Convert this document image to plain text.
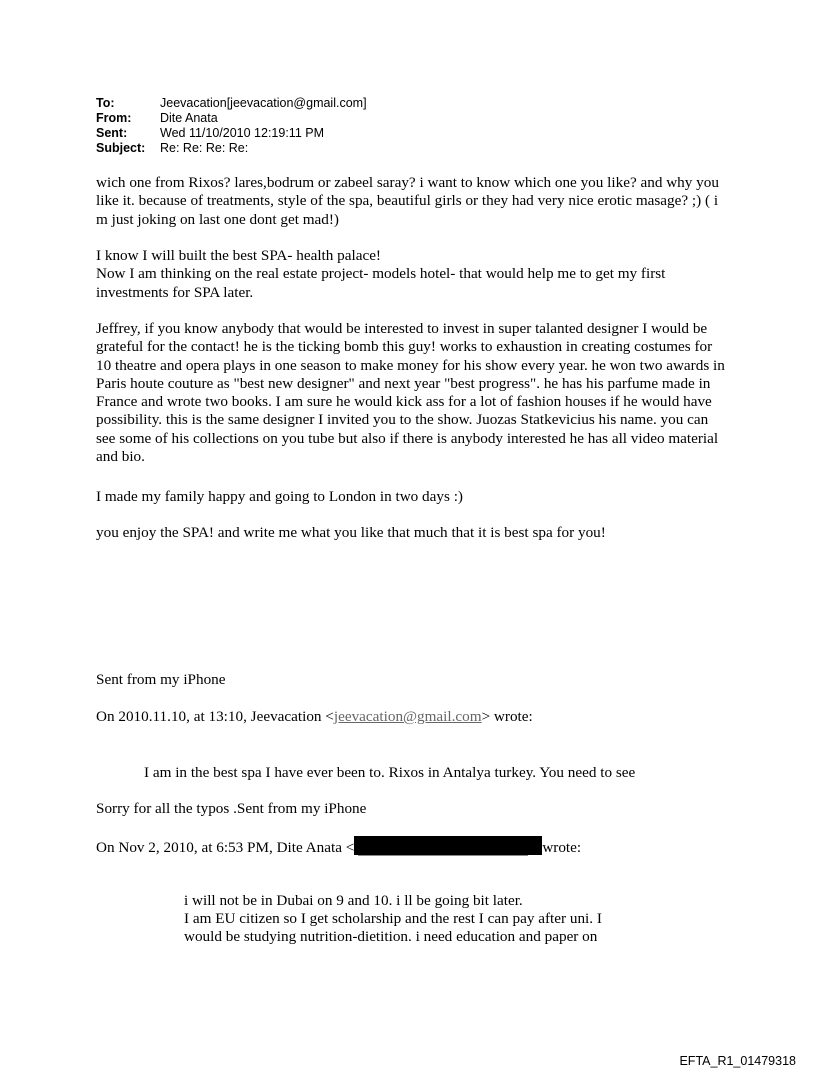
To:	Jeevacation[jeevacation@gmail.com]
From: Dite Anata
Sent:	Wed 11/10/2010 12:19:11 PM
Subject: Re: Re: Re: Re:

wich one from Rixos? lares,bodrum or zabeel saray? i want to know which one you like? and why you like it. because of treatments, style of the spa, beautiful girls or they had very nice erotic masage? ;) ( i m just joking on last one dont get mad!)

I know I will built the best SPA- health palace!
Now I am thinking on the real estate project- models hotel- that would help me to get my first investments for SPA later.

Jeffrey, if you know anybody that would be interested to invest in super talanted designer I would be grateful for the contact! he is the ticking bomb this guy! works to exhaustion in creating costumes for 10 theatre and opera plays in one season to make money for his show every year. he won two awards in Paris houte couture as "best new designer" and next year "best progress". he has his parfume made in France and wrote two books. I am sure he would kick ass for a lot of fashion houses if he would have possibility. this is the same designer I invited you to the show. Juozas Statkevicius his name. you can see some of his collections on you tube but also if there is anybody interested he has all video material and bio.

I made my family happy and going to London in two days :)

you enjoy the SPA! and write me what you like that much that it is best spa for you!

Sent from my iPhone
On 2010.11.10, at 13:10, Jeevacation <jeevacation@gmail.com> wrote:
I am in the best spa I have ever been to. Rixos in Antalya turkey. You need to see
Sorry for all the typos .Sent from my iPhone
On Nov 2, 2010, at 6:53 PM, Dite Anata <	wrote:
i will not be in Dubai on 9 and 10. i ll be going bit later.
I am EU citizen so I get scholarship and the rest I can pay after uni. I
would be studying nutrition-dietition. i need education and paper on
EFTA_R1_01479318
